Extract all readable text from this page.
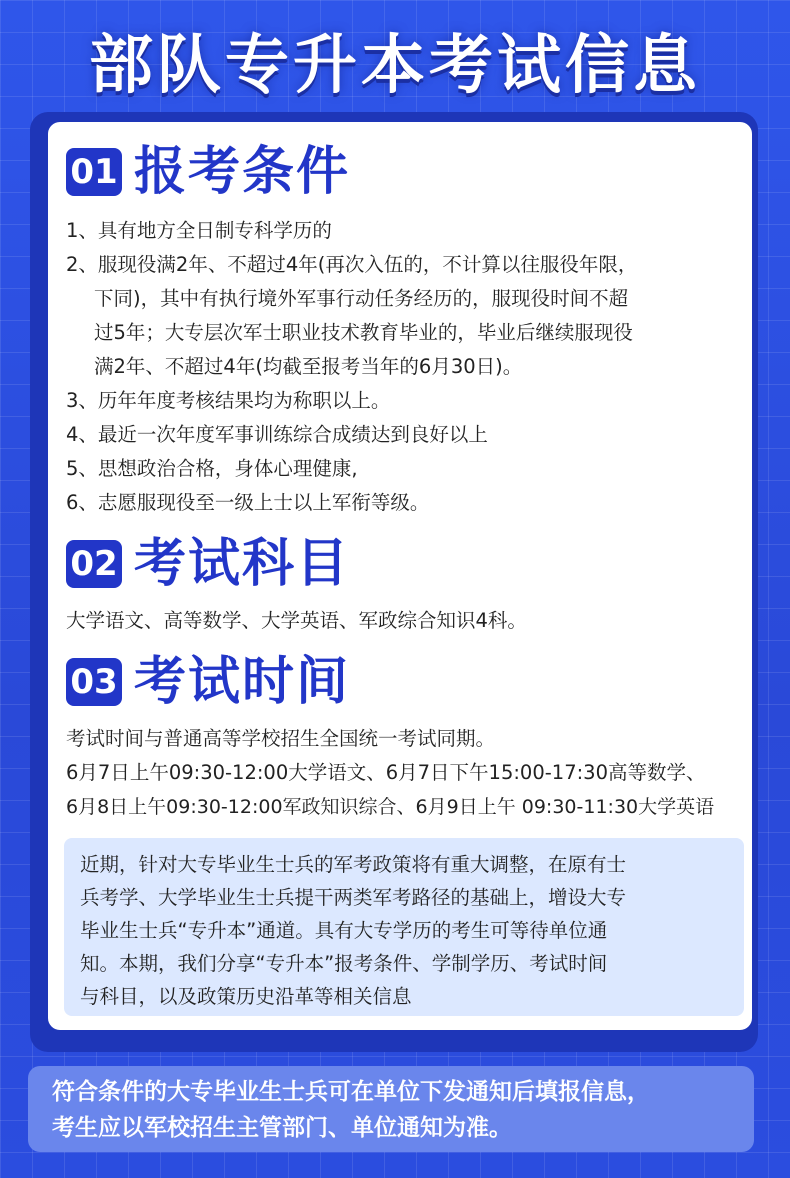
部队专升本考试信息
01 报考条件
1、具有地方全日制专科学历的
2、服现役满2年、不超过4年(再次入伍的，不计算以往服役年限，
下同)，其中有执行境外军事行动任务经历的，服现役时间不超
过5年；大专层次军士职业技术教育毕业的，毕业后继续服现役
满2年、不超过4年(均截至报考当年的6月30日)。
3、历年年度考核结果均为称职以上。
4、最近一次年度军事训练综合成绩达到良好以上
5、思想政治合格，身体心理健康,
6、志愿服现役至一级上士以上军衔等级。
02 考试科目
大学语文、高等数学、大学英语、军政综合知识4科。
03 考试时间
考试时间与普通高等学校招生全国统一考试同期。
6月7日上午09:30-12:00大学语文、6月7日下午15:00-17:30高等数学、
6月8日上午09:30-12:00军政知识综合、6月9日上午 09:30-11:30大学英语
近期，针对大专毕业生士兵的军考政策将有重大调整，在原有士
兵考学、大学毕业生士兵提干两类军考路径的基础上，增设大专
毕业生士兵“专升本”通道。具有大专学历的考生可等待单位通
知。本期，我们分享“专升本”报考条件、学制学历、考试时间
与科目，以及政策历史沿革等相关信息
符合条件的大专毕业生士兵可在单位下发通知后填报信息，
考生应以军校招生主管部门、单位通知为准。
